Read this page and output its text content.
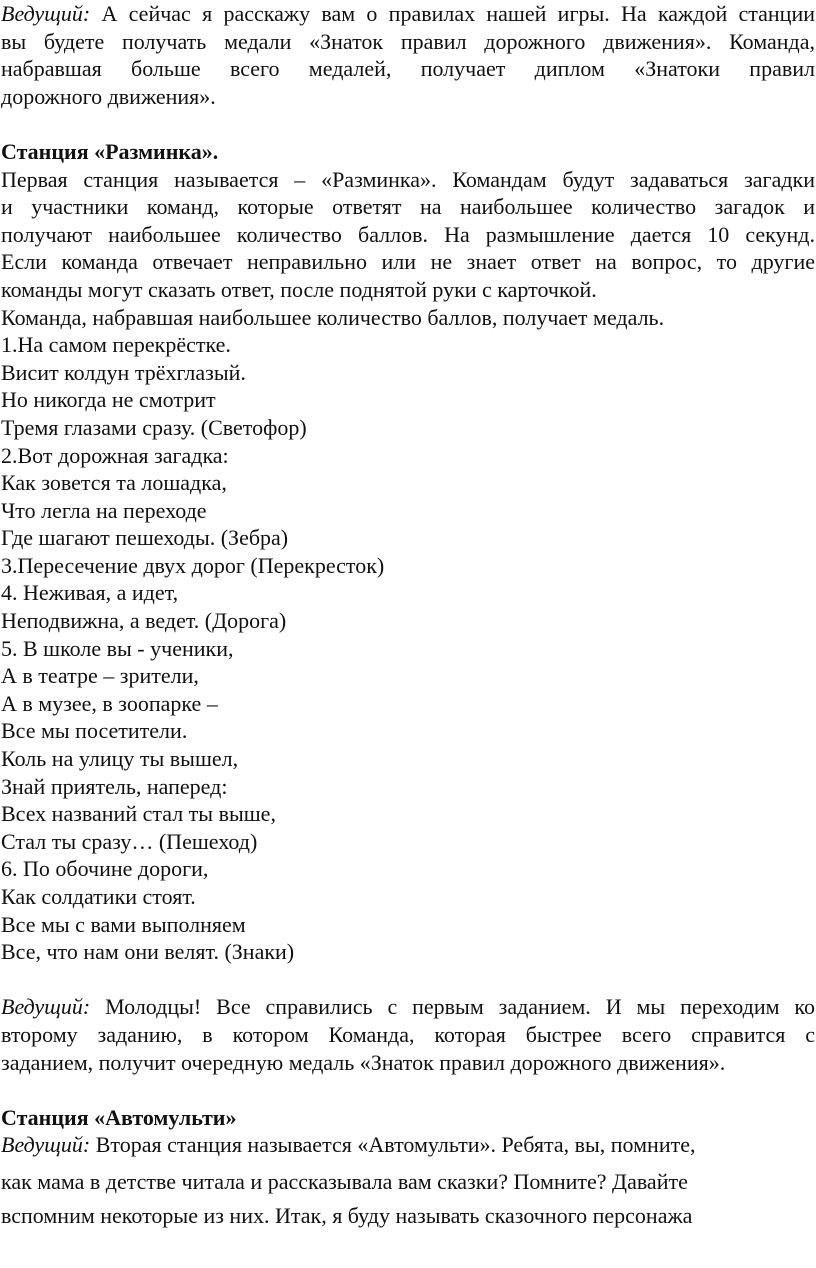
Ведущий: А сейчас я расскажу вам о правилах нашей игры. На каждой станции
вы будете получать медали «Знаток правил дорожного движения». Команда,
набравшая больше всего медалей, получает диплом «Знатоки правил
дорожного движения».
Станция «Разминка».
Первая станция называется – «Разминка». Командам будут задаваться загадки
и участники команд, которые ответят на наибольшее количество загадок и
получают наибольшее количество баллов. На размышление дается 10 секунд.
Если команда отвечает неправильно или не знает ответ на вопрос, то другие
команды могут сказать ответ, после поднятой руки с карточкой.
Команда, набравшая наибольшее количество баллов, получает медаль.
1.На самом перекрёстке.
Висит колдун трёхглазый.
Но никогда не смотрит
Тремя глазами сразу. (Светофор)
2.Вот дорожная загадка:
Как зовется та лошадка,
Что легла на переходе
Где шагают пешеходы. (Зебра)
3.Пересечение двух дорог (Перекресток)
4. Неживая, а идет,
Неподвижна, а ведет. (Дорога)
5. В школе вы - ученики,
А в театре – зрители,
А в музее, в зоопарке –
Все мы посетители.
Коль на улицу ты вышел,
Знай приятель, наперед:
Всех названий стал ты выше,
Стал ты сразу… (Пешеход)
6. По обочине дороги,
Как солдатики стоят.
Все мы с вами выполняем
Все, что нам они велят. (Знаки)
Ведущий: Молодцы! Все справились с первым заданием. И мы переходим ко
второму заданию, в котором Команда, которая быстрее всего справится с
заданием, получит очередную медаль «Знаток правил дорожного движения».
Станция «Автомульти»
Ведущий: Вторая станция называется «Автомульти». Ребята, вы, помните,
как мама в детстве читала и рассказывала вам сказки? Помните? Давайте
вспомним некоторые из них. Итак, я буду называть сказочного персонажа
